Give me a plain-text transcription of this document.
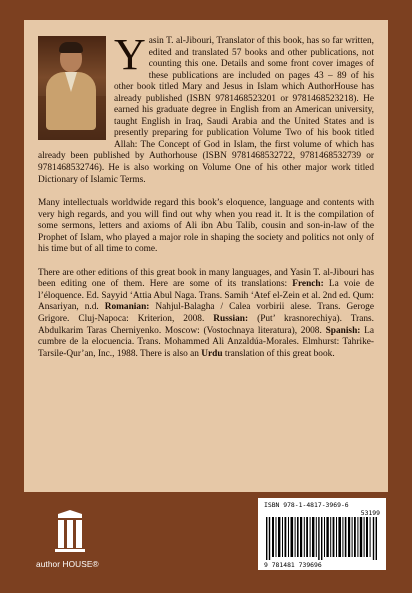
Yasin T. al-Jibouri, Translator of this book, has so far written, edited and translated 57 books and other publications, not counting this one. Details and some front cover images of these publications are included on pages 43 – 89 of his other book titled Mary and Jesus in Islam which AuthorHouse has already published (ISBN 9781468523201 or 9781468523218). He earned his graduate degree in English from an American university, taught English in Iraq, Saudi Arabia and the United States and is presently preparing for publication Volume Two of his book titled Allah: The Concept of God in Islam, the first volume of which has already been published by Authorhouse (ISBN 9781468532722, 9781468532739 or 9781468532746). He is also working on Volume One of his other major work titled Dictionary of Islamic Terms.

Many intellectuals worldwide regard this book’s eloquence, language and contents with very high regards, and you will find out why when you read it. It is the compilation of some sermons, letters and axioms of Ali ibn Abu Talib, cousin and son-in-law of the Prophet of Islam, who played a major role in shaping the society and politics not only of his time but of all time to come.

There are other editions of this great book in many languages, and Yasin T. al-Jibouri has been editing one of them. Here are some of its translations: French: La voie de l’éloquence. Ed. Sayyid ‘Attia Abul Naga. Trans. Samih ‘Atef el-Zein et al. 2nd ed. Qum: Ansariyan, n.d. Romanian: Nahjul-Balagha / Calea vorbirii alese. Trans. Geroge Grigore. Cluj-Napoca: Kriterion, 2008. Russian: (Put’ krasnorechiya). Trans. Abdulkarim Taras Cherniyenko. Moscow: (Vostochnaya literatura), 2008. Spanish: La cumbre de la elocuencia. Trans. Mohammed Ali Anzaldúa-Morales. Elmhurst: Tahrike-Tarsile-Qur’an, Inc., 1988. There is also an Urdu translation of this great book.

author HOUSE®
ISBN 978-1-4817-3969-6
53199
9 781481 739696
